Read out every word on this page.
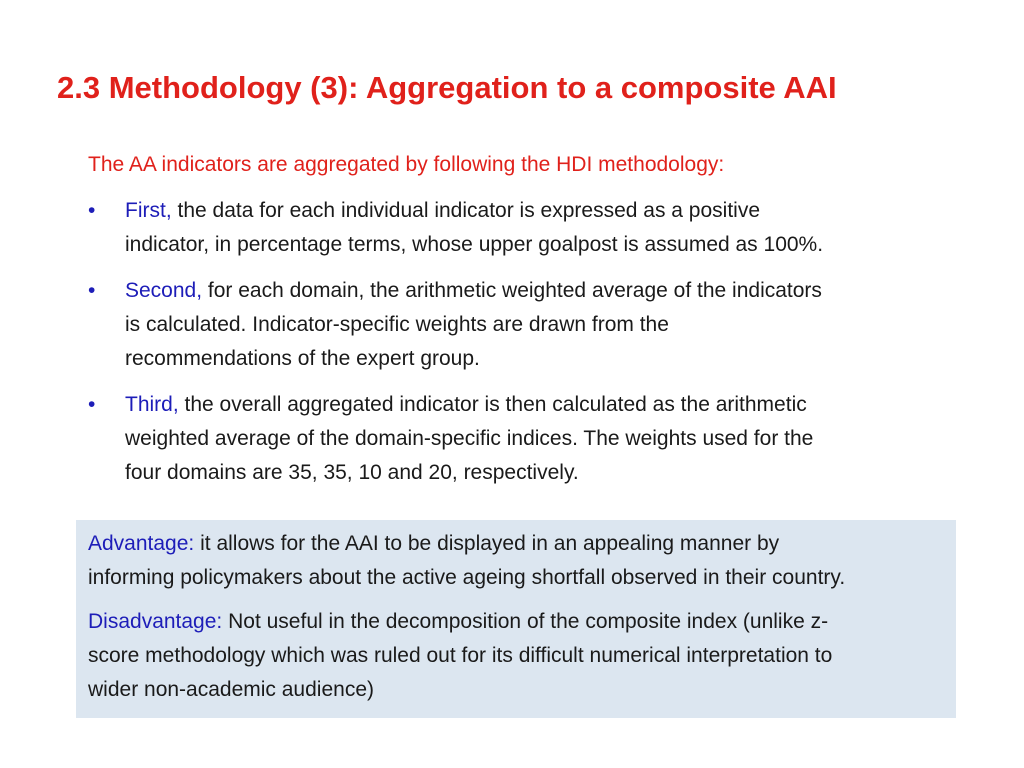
2.3 Methodology (3): Aggregation to a composite AAI

The AA indicators are aggregated by following the HDI methodology:

• First, the data for each individual indicator is expressed as a positive
indicator, in percentage terms, whose upper goalpost is assumed as 100%.
• Second, for each domain, the arithmetic weighted average of the indicators
is calculated. Indicator-specific weights are drawn from the
recommendations of the expert group.
• Third, the overall aggregated indicator is then calculated as the arithmetic
weighted average of the domain-specific indices. The weights used for the
four domains are 35, 35, 10 and 20, respectively.

Advantage: it allows for the AAI to be displayed in an appealing manner by
informing policymakers about the active ageing shortfall observed in their country.

Disadvantage: Not useful in the decomposition of the composite index (unlike z-
score methodology which was ruled out for its difficult numerical interpretation to
wider non-academic audience)
